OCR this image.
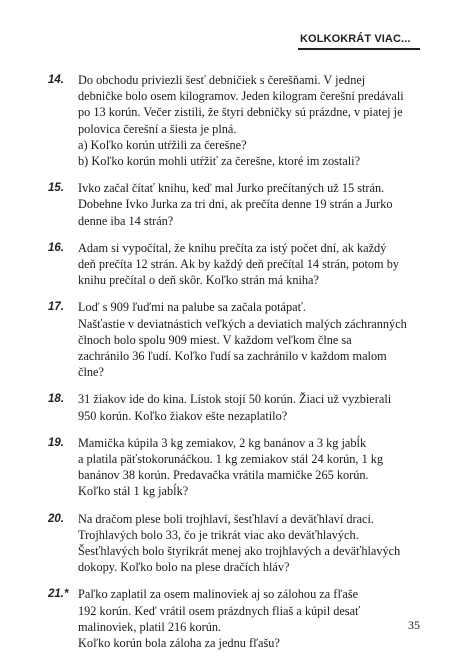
KOLKOKRÁT VIAC...
14. Do obchodu priviezli šesť debničiek s čerešňami. V jednej

debničke bolo osem kilogramov. Jeden kilogram čerešní predávali

po 13 korún. Večer zistili, že štyri debničky sú prázdne, v piatej je

polovica čerešní a šiesta je plná.

a) Koľko korún utŕžili za čerešne?

b) Koľko korún mohli utŕžiť za čerešne, ktoré im zostali?

15. Ivko začal čítať knihu, keď mal Jurko prečítaných už 15 strán.

Dobehne Ivko Jurka za tri dni, ak prečíta denne 19 strán a Jurko

denne iba 14 strán?

16. Adam si vypočítal, že knihu prečíta za istý počet dní, ak každý

deň prečíta 12 strán. Ak by každý deň prečítal 14 strán, potom by

knihu prečítal o deň skôr. Koľko strán má kniha?

17. Loď s 909 ľuďmi na palube sa začala potápať.

Našťastie v deviatnástich veľkých a deviatich malých záchranných

člnoch bolo spolu 909 miest. V každom veľkom člne sa

zachránilo 36 ľudí. Koľko ľudí sa zachránilo v každom malom

člne?

18. 31 žiakov ide do kina. Lístok stojí 50 korún. Žiaci už vyzbierali

950 korún. Koľko žiakov ešte nezaplatilo?

19. Mamička kúpila 3 kg zemiakov, 2 kg banánov a 3 kg jabĺk

a platila päťstokorunáčkou. 1 kg zemiakov stál 24 korún, 1 kg

banánov 38 korún. Predavačka vrátila mamičke 265 korún.

Koľko stál 1 kg jabĺk?

20. Na dračom plese boli trojhlaví, šesťhlaví a deväťhlaví draci.

Trojhlavých bolo 33, čo je trikrát viac ako deväťhlavých.

Šesťhlavých bolo štyrikrát menej ako trojhlavých a deväťhlavých

dokopy. Koľko bolo na plese dračích hláv?

21.* Paľko zaplatil za osem malinoviek aj so zálohou za fľaše

192 korún. Keď vrátil osem prázdnych fliaš a kúpil desať

malinoviek, platil 216 korún.

Koľko korún bola záloha za jednu fľašu?

35
